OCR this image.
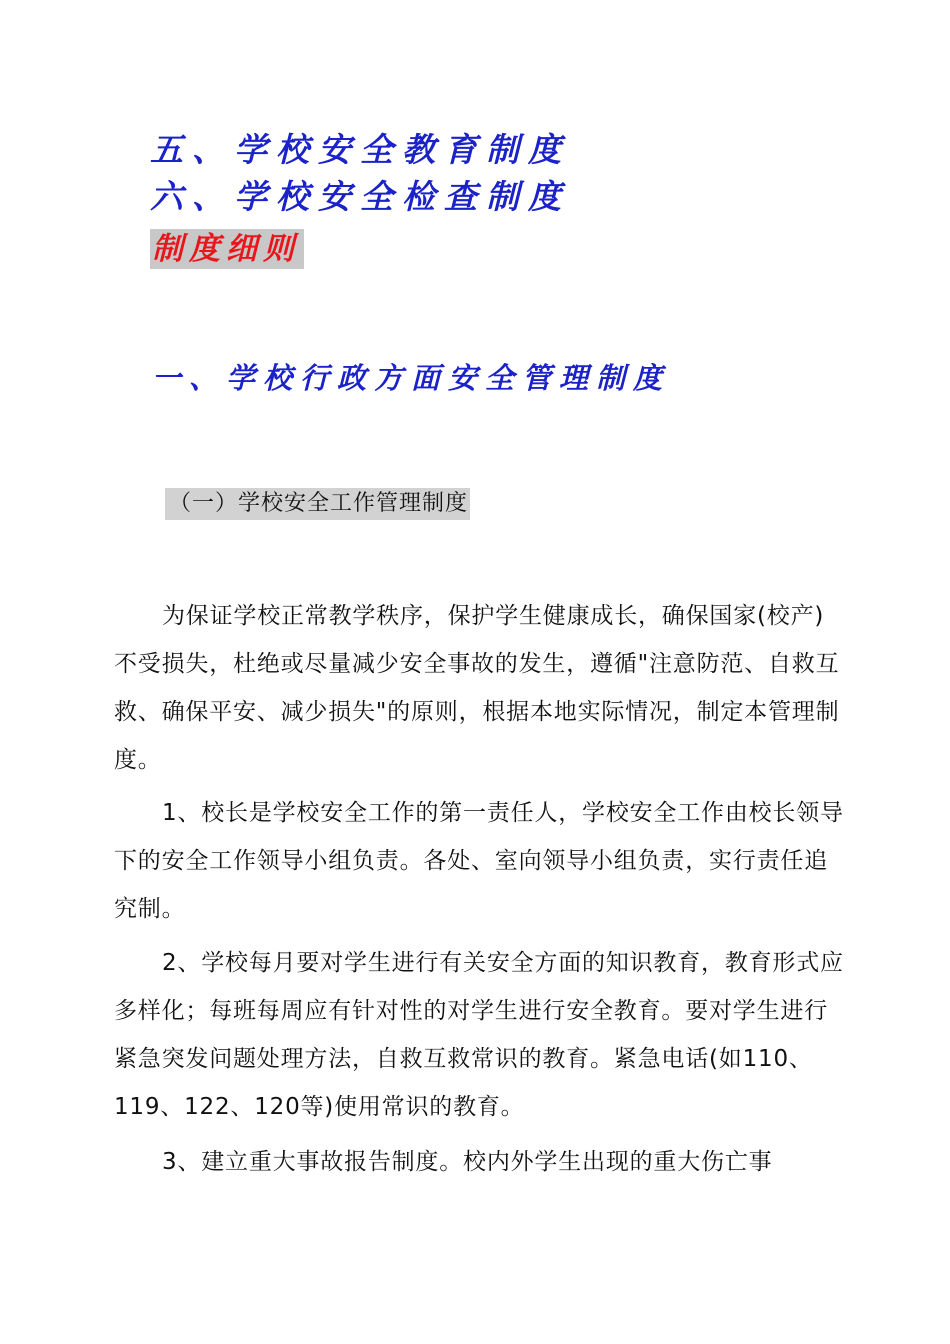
五、学校安全教育制度
六、学校安全检查制度
制度细则
一、学校行政方面安全管理制度
（一）学校安全工作管理制度

为保证学校正常教学秩序，保护学生健康成长，确保国家(校产)不受损失，杜绝或尽量减少安全事故的发生，遵循"注意防范、自救互救、确保平安、减少损失"的原则，根据本地实际情况，制定本管理制度。

1、校长是学校安全工作的第一责任人，学校安全工作由校长领导下的安全工作领导小组负责。各处、室向领导小组负责，实行责任追究制。

2、学校每月要对学生进行有关安全方面的知识教育，教育形式应多样化；每班每周应有针对性的对学生进行安全教育。要对学生进行紧急突发问题处理方法，自救互救常识的教育。紧急电话(如110、119、122、120等)使用常识的教育。

3、建立重大事故报告制度。校内外学生出现的重大伤亡事
